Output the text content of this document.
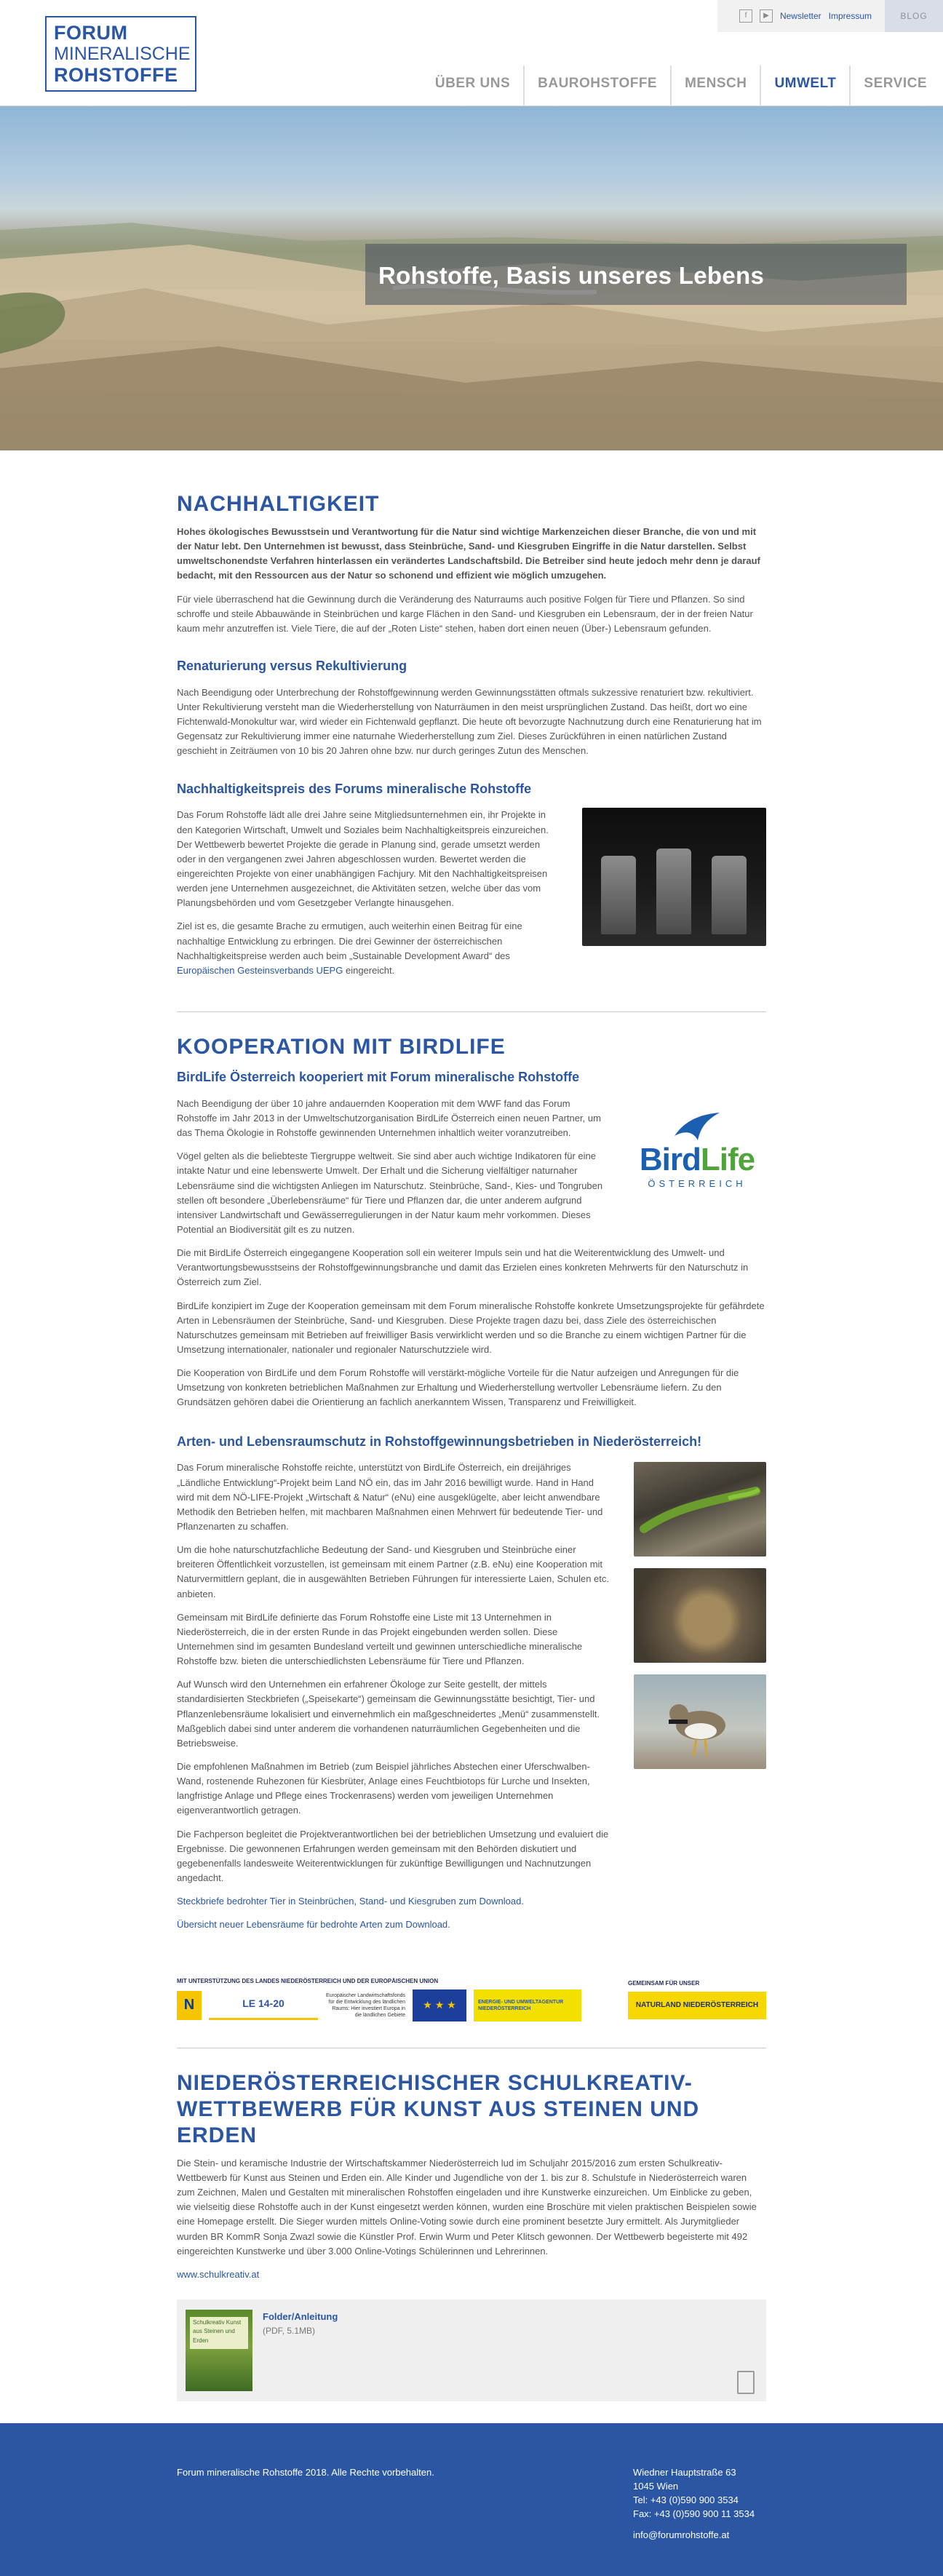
FORUM
MINERALISCHE
ROHSTOFFE
f	▶	Newsletter Impressum	BLOG
ÜBER UNS	BAUROHSTOFFE	MENSCH	UMWELT	SERVICE
Rohstoffe, Basis unseres Lebens
NACHHALTIGKEIT

Hohes ökologisches Bewusstsein und Verantwortung für die Natur sind wichtige Markenzeichen dieser Branche, die von und mit der Natur lebt. Den Unternehmen ist bewusst, dass Steinbrüche, Sand- und Kiesgruben Eingriffe in die Natur darstellen. Selbst umweltschonendste Verfahren hinterlassen ein verändertes Landschaftsbild. Die Betreiber sind heute jedoch mehr denn je darauf bedacht, mit den Ressourcen aus der Natur so schonend und effizient wie möglich umzugehen.

Für viele überraschend hat die Gewinnung durch die Veränderung des Naturraums auch positive Folgen für Tiere und Pflanzen. So sind schroffe und steile Abbauwände in Steinbrüchen und karge Flächen in den Sand- und Kiesgruben ein Lebensraum, der in der freien Natur kaum mehr anzutreffen ist. Viele Tiere, die auf der „Roten Liste“ stehen, haben dort einen neuen (Über-) Lebensraum gefunden.

Renaturierung versus Rekultivierung

Nach Beendigung oder Unterbrechung der Rohstoffgewinnung werden Gewinnungsstätten oftmals sukzessive renaturiert bzw. rekultiviert. Unter Rekultivierung versteht man die Wiederherstellung von Naturräumen in den meist ursprünglichen Zustand. Das heißt, dort wo eine Fichtenwald-Monokultur war, wird wieder ein Fichtenwald gepflanzt. Die heute oft bevorzugte Nachnutzung durch eine Renaturierung hat im Gegensatz zur Rekultivierung immer eine naturnahe Wiederherstellung zum Ziel. Dieses Zurückführen in einen natürlichen Zustand geschieht in Zeiträumen von 10 bis 20 Jahren ohne bzw. nur durch geringes Zutun des Menschen.

Nachhaltigkeitspreis des Forums mineralische Rohstoffe

Das Forum Rohstoffe lädt alle drei Jahre seine Mitgliedsunternehmen ein, ihr Projekte in den Kategorien Wirtschaft, Umwelt und Soziales beim Nachhaltigkeitspreis einzureichen. Der Wettbewerb bewertet Projekte die gerade in Planung sind, gerade umsetzt werden oder in den vergangenen zwei Jahren abgeschlossen wurden. Bewertet werden die eingereichten Projekte von einer unabhängigen Fachjury. Mit den Nachhaltigkeitspreisen werden jene Unternehmen ausgezeichnet, die Aktivitäten setzen, welche über das vom Planungsbehörden und vom Gesetzgeber Verlangte hinausgehen.

Ziel ist es, die gesamte Brache zu ermutigen, auch weiterhin einen Beitrag für eine nachhaltige Entwicklung zu erbringen. Die drei Gewinner der österreichischen Nachhaltigkeitspreise werden auch beim „Sustainable Development Award“ des Europäischen Gesteinsverbands UEPG eingereicht.

KOOPERATION MIT BIRDLIFE
BirdLife Österreich kooperiert mit Forum mineralische Rohstoffe

Nach Beendigung der über 10 jahre andauernden Kooperation mit dem WWF fand das Forum Rohstoffe im Jahr 2013 in der Umweltschutzorganisation BirdLife Österreich einen neuen Partner, um das Thema Ökologie in Rohstoffe gewinnenden Unternehmen inhaltlich weiter voranzutreiben.

Vögel gelten als die beliebteste Tiergruppe weltweit. Sie sind aber auch wichtige Indikatoren für eine intakte Natur und eine lebenswerte Umwelt. Der Erhalt und die Sicherung vielfältiger naturnaher Lebensräume sind die wichtigsten Anliegen im Naturschutz. Steinbrüche, Sand-, Kies- und Tongruben stellen oft besondere „Überlebensräume“ für Tiere und Pflanzen dar, die unter anderem aufgrund intensiver Landwirtschaft und Gewässerregulierungen in der Natur kaum mehr vorkommen. Dieses Potential an Biodiversität gilt es zu nutzen.

BirdLife
ÖSTERREICH

Die mit BirdLife Österreich eingegangene Kooperation soll ein weiterer Impuls sein und hat die Weiterentwicklung des Umwelt- und Verantwortungsbewusstseins der Rohstoffgewinnungsbranche und damit das Erzielen eines konkreten Mehrwerts für den Naturschutz in Österreich zum Ziel.

BirdLife konzipiert im Zuge der Kooperation gemeinsam mit dem Forum mineralische Rohstoffe konkrete Umsetzungsprojekte für gefährdete Arten in Lebensräumen der Steinbrüche, Sand- und Kiesgruben. Diese Projekte tragen dazu bei, dass Ziele des österreichischen Naturschutzes gemeinsam mit Betrieben auf freiwilliger Basis verwirklicht werden und so die Branche zu einem wichtigen Partner für die Umsetzung internationaler, nationaler und regionaler Naturschutzziele wird.

Die Kooperation von BirdLife und dem Forum Rohstoffe will verstärkt-mögliche Vorteile für die Natur aufzeigen und Anregungen für die Umsetzung von konkreten betrieblichen Maßnahmen zur Erhaltung und Wiederherstellung wertvoller Lebensräume liefern. Zu den Grundsätzen gehören dabei die Orientierung an fachlich anerkanntem Wissen, Transparenz und Freiwilligkeit.

Arten- und Lebensraumschutz in Rohstoffgewinnungsbetrieben in Niederösterreich!

Das Forum mineralische Rohstoffe reichte, unterstützt von BirdLife Österreich, ein dreijähriges „Ländliche Entwicklung“-Projekt beim Land NÖ ein, das im Jahr 2016 bewilligt wurde. Hand in Hand wird mit dem NÖ-LIFE-Projekt „Wirtschaft & Natur“ (eNu) eine ausgeklügelte, aber leicht anwendbare Methodik den Betrieben helfen, mit machbaren Maßnahmen einen Mehrwert für bedeutende Tier- und Pflanzenarten zu schaffen.

Um die hohe naturschutzfachliche Bedeutung der Sand- und Kiesgruben und Steinbrüche einer breiteren Öffentlichkeit vorzustellen, ist gemeinsam mit einem Partner (z.B. eNu) eine Kooperation mit Naturvermittlern geplant, die in ausgewählten Betrieben Führungen für interessierte Laien, Schulen etc. anbieten.

Gemeinsam mit BirdLife definierte das Forum Rohstoffe eine Liste mit 13 Unternehmen in Niederösterreich, die in der ersten Runde in das Projekt eingebunden werden sollen. Diese Unternehmen sind im gesamten Bundesland verteilt und gewinnen unterschiedliche mineralische Rohstoffe bzw. bieten die unterschiedlichsten Lebensräume für Tiere und Pflanzen.

Auf Wunsch wird den Unternehmen ein erfahrener Ökologe zur Seite gestellt, der mittels standardisierten Steckbriefen („Speisekarte“) gemeinsam die Gewinnungsstätte besichtigt, Tier- und Pflanzenlebensräume lokalisiert und einvernehmlich ein maßgeschneidertes „Menü“ zusammenstellt. Maßgeblich dabei sind unter anderem die vorhandenen naturräumlichen Gegebenheiten und die Betriebsweise.

Die empfohlenen Maßnahmen im Betrieb (zum Beispiel jährliches Abstechen einer Uferschwalben-Wand, rostenende Ruhezonen für Kiesbrüter, Anlage eines Feuchtbiotops für Lurche und Insekten, langfristige Anlage und Pflege eines Trockenrasens) werden vom jeweiligen Unternehmen eigenverantwortlich getragen.

Die Fachperson begleitet die Projektverantwortlichen bei der betrieblichen Umsetzung und evaluiert die Ergebnisse. Die gewonnenen Erfahrungen werden gemeinsam mit den Behörden diskutiert und gegebenenfalls landesweite Weiterentwicklungen für zukünftige Bewilligungen und Nachnutzungen angedacht.

Steckbriefe bedrohter Tier in Steinbrüchen, Stand- und Kiesgruben zum Download.

Übersicht neuer Lebensräume für bedrohte Arten zum Download.

MIT UNTERSTÜTZUNG DES LANDES NIEDERÖSTERREICH UND DER EUROPÄISCHEN UNION
N	LE 14-20
Europäischer Landwirtschaftsfonds für die Entwicklung des ländlichen Raums: Hier investiert Europa in die ländlichen Gebiete
★ ★ ★	ENERGIE- UND UMWELTAGENTUR NIEDERÖSTERREICH
GEMEINSAM FÜR UNSER
NATURLAND NIEDERÖSTERREICH
NIEDERÖSTERREICHISCHER SCHULKREATIV-WETTBEWERB FÜR KUNST AUS STEINEN UND ERDEN

Die Stein- und keramische Industrie der Wirtschaftskammer Niederösterreich lud im Schuljahr 2015/2016 zum ersten Schulkreativ-Wettbewerb für Kunst aus Steinen und Erden ein. Alle Kinder und Jugendliche von der 1. bis zur 8. Schulstufe in Niederösterreich waren zum Zeichnen, Malen und Gestalten mit mineralischen Rohstoffen eingeladen und ihre Kunstwerke einzureichen. Um Einblicke zu geben, wie vielseitig diese Rohstoffe auch in der Kunst eingesetzt werden können, wurden eine Broschüre mit vielen praktischen Beispielen sowie eine Homepage erstellt. Die Sieger wurden mittels Online-Voting sowie durch eine prominent besetzte Jury ermittelt. Als Jurymitglieder wurden BR KommR Sonja Zwazl sowie die Künstler Prof. Erwin Wurm und Peter Klitsch gewonnen. Der Wettbewerb begeisterte mit 492 eingereichten Kunstwerke und über 3.000 Online-Votings Schülerinnen und Lehrerinnen.

www.schulkreativ.at

Schulkreativ Kunst aus Steinen und Erden
Folder/Anleitung
(PDF, 5.1MB)
Forum mineralische Rohstoffe 2018. Alle Rechte vorbehalten.	Wiedner Hauptstraße 63
1045 Wien
Tel: +43 (0)590 900 3534
Fax: +43 (0)590 900 11 3534
info@forumrohstoffe.at
